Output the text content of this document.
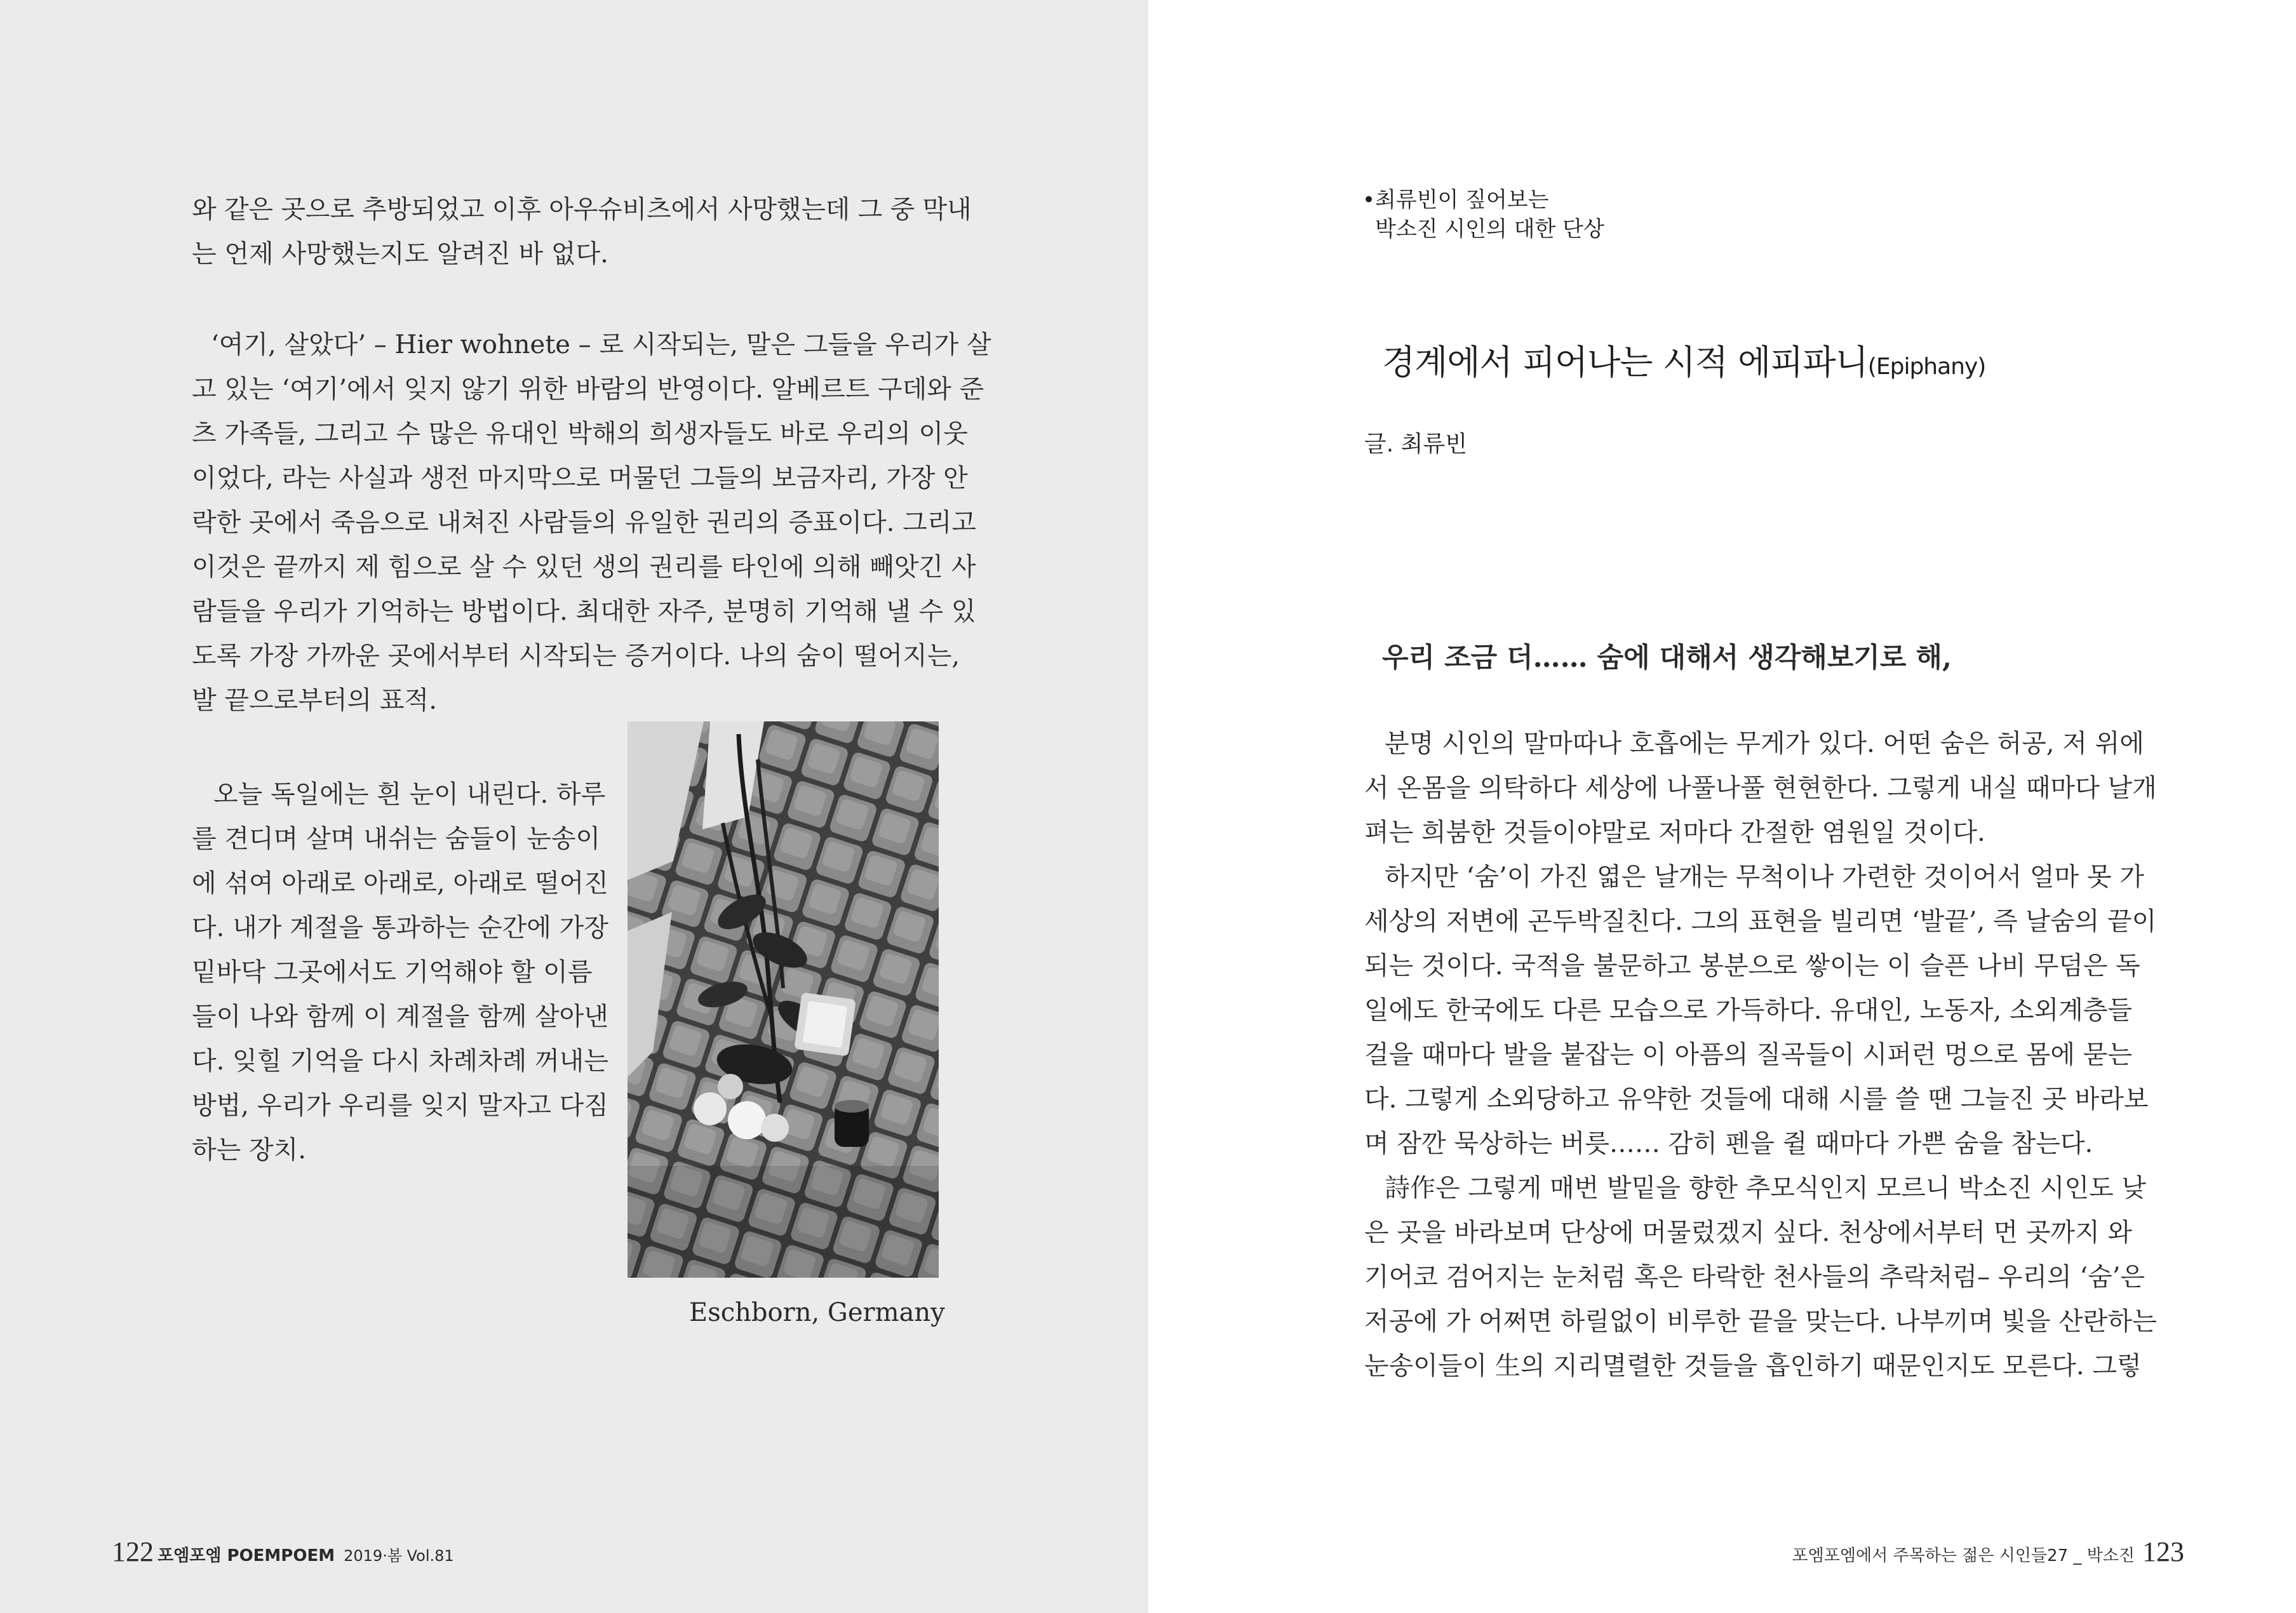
와 같은 곳으로 추방되었고 이후 아우슈비츠에서 사망했는데 그 중 막내
는 언제 사망했는지도 알려진 바 없다.
‘여기, 살았다’ – Hier wohnete – 로 시작되는, 말은 그들을 우리가 살
고 있는 ‘여기’에서 잊지 않기 위한 바람의 반영이다. 알베르트 구데와 준
츠 가족들, 그리고 수 많은 유대인 박해의 희생자들도 바로 우리의 이웃
이었다, 라는 사실과 생전 마지막으로 머물던 그들의 보금자리, 가장 안
락한 곳에서 죽음으로 내쳐진 사람들의 유일한 권리의 증표이다. 그리고
이것은 끝까지 제 힘으로 살 수 있던 생의 권리를 타인에 의해 빼앗긴 사
람들을 우리가 기억하는 방법이다. 최대한 자주, 분명히 기억해 낼 수 있
도록 가장 가까운 곳에서부터 시작되는 증거이다. 나의 숨이 떨어지는,
발 끝으로부터의 표적.
오늘 독일에는 흰 눈이 내린다. 하루
를 견디며 살며 내쉬는 숨들이 눈송이
에 섞여 아래로 아래로, 아래로 떨어진
다. 내가 계절을 통과하는 순간에 가장
밑바닥 그곳에서도 기억해야 할 이름
들이 나와 함께 이 계절을 함께 살아낸
다. 잊힐 기억을 다시 차례차례 꺼내는
방법, 우리가 우리를 잊지 말자고 다짐
하는 장치.
Eschborn, Germany
122 포엠포엠 POEMPOEM 2019·봄 Vol.81
•최류빈이 짚어보는
박소진 시인의 대한 단상
경계에서 피어나는 시적 에피파니(Epiphany)
글. 최류빈
우리 조금 더…… 숨에 대해서 생각해보기로 해,
분명 시인의 말마따나 호흡에는 무게가 있다. 어떤 숨은 허공, 저 위에
서 온몸을 의탁하다 세상에 나풀나풀 현현한다. 그렇게 내실 때마다 날개
펴는 희붐한 것들이야말로 저마다 간절한 염원일 것이다.
하지만 ‘숨’이 가진 엷은 날개는 무척이나 가련한 것이어서 얼마 못 가
세상의 저변에 곤두박질친다. 그의 표현을 빌리면 ‘발끝’, 즉 날숨의 끝이
되는 것이다. 국적을 불문하고 봉분으로 쌓이는 이 슬픈 나비 무덤은 독
일에도 한국에도 다른 모습으로 가득하다. 유대인, 노동자, 소외계층들
걸을 때마다 발을 붙잡는 이 아픔의 질곡들이 시퍼런 멍으로 몸에 묻는
다. 그렇게 소외당하고 유약한 것들에 대해 시를 쓸 땐 그늘진 곳 바라보
며 잠깐 묵상하는 버릇…… 감히 펜을 쥘 때마다 가쁜 숨을 참는다.
詩作은 그렇게 매번 발밑을 향한 추모식인지 모르니 박소진 시인도 낮
은 곳을 바라보며 단상에 머물렀겠지 싶다. 천상에서부터 먼 곳까지 와
기어코 검어지는 눈처럼 혹은 타락한 천사들의 추락처럼– 우리의 ‘숨’은
저공에 가 어쩌면 하릴없이 비루한 끝을 맞는다. 나부끼며 빛을 산란하는
눈송이들이 生의 지리멸렬한 것들을 흡인하기 때문인지도 모른다. 그렇
포엠포엠에서 주목하는 젊은 시인들27 _ 박소진 123
